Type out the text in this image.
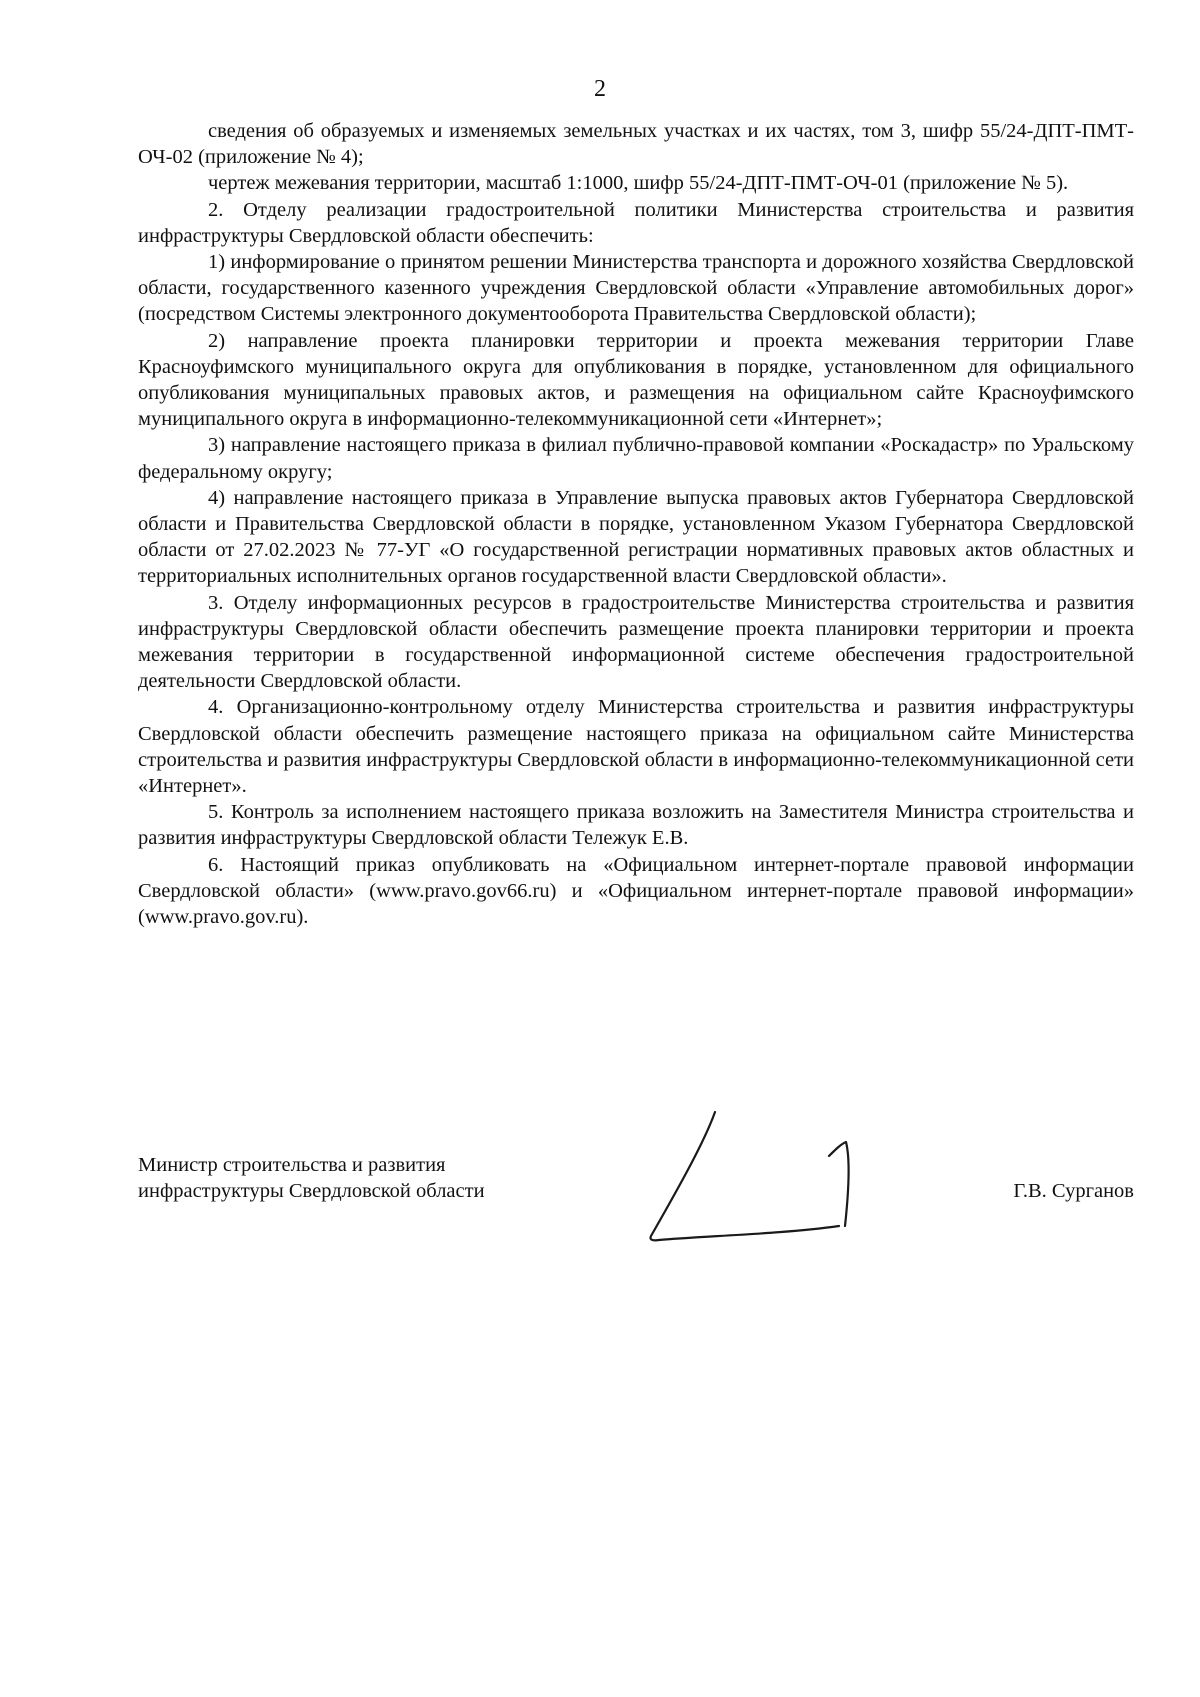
2

сведения об образуемых и изменяемых земельных участках и их частях, том 3, шифр 55/24-ДПТ-ПМТ-ОЧ-02 (приложение № 4);

чертеж межевания территории, масштаб 1:1000, шифр 55/24-ДПТ-ПМТ-ОЧ-01 (приложение № 5).

2. Отделу реализации градостроительной политики Министерства строительства и развития инфраструктуры Свердловской области обеспечить:

1) информирование о принятом решении Министерства транспорта и дорожного хозяйства Свердловской области, государственного казенного учреждения Свердловской области «Управление автомобильных дорог» (посредством Системы электронного документооборота Правительства Свердловской области);

2) направление проекта планировки территории и проекта межевания территории Главе Красноуфимского муниципального округа для опубликования в порядке, установленном для официального опубликования муниципальных правовых актов, и размещения на официальном сайте Красноуфимского муниципального округа в информационно-телекоммуникационной сети «Интернет»;

3) направление настоящего приказа в филиал публично-правовой компании «Роскадастр» по Уральскому федеральному округу;

4) направление настоящего приказа в Управление выпуска правовых актов Губернатора Свердловской области и Правительства Свердловской области в порядке, установленном Указом Губернатора Свердловской области от 27.02.2023 № 77-УГ «О государственной регистрации нормативных правовых актов областных и территориальных исполнительных органов государственной власти Свердловской области».

3. Отделу информационных ресурсов в градостроительстве Министерства строительства и развития инфраструктуры Свердловской области обеспечить размещение проекта планировки территории и проекта межевания территории в государственной информационной системе обеспечения градостроительной деятельности Свердловской области.

4. Организационно-контрольному отделу Министерства строительства и развития инфраструктуры Свердловской области обеспечить размещение настоящего приказа на официальном сайте Министерства строительства и развития инфраструктуры Свердловской области в информационно-телекоммуникационной сети «Интернет».

5. Контроль за исполнением настоящего приказа возложить на Заместителя Министра строительства и развития инфраструктуры Свердловской области Тележук Е.В.

6. Настоящий приказ опубликовать на «Официальном интернет-портале правовой информации Свердловской области» (www.pravo.gov66.ru) и «Официальном интернет-портале правовой информации» (www.pravo.gov.ru).

Министр строительства и развития
инфраструктуры Свердловской области	Г.В. Сурганов
